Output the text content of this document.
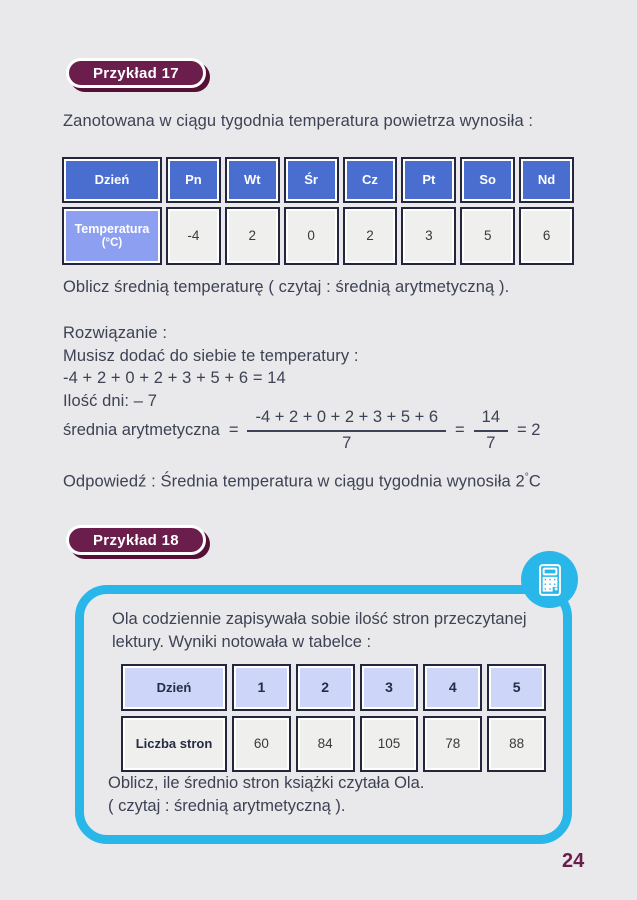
Przykład 17

Zanotowana w ciągu tygodnia temperatura powietrza wynosiła :

Dzień	Pn	Wt	Śr	Cz	Pt	So	Nd
Temperatura
(°C)	-4	2	0	2	3	5	6

Oblicz średnią temperaturę ( czytaj : średnią arytmetyczną ).

Rozwiązanie :
Musisz dodać do siebie te temperatury :
-4 + 2 + 0 + 2 + 3 + 5 + 6 = 14
Ilość dni: – 7
średnia arytmetyczna = $\frac{-4 + 2 + 0 + 2 + 3 + 5 + 6}{7} = \frac{14}{7} = 2$

Odpowiedź : Średnia temperatura w ciągu tygodnia wynosiła 2°C

Przykład 18
Ola codziennie zapisywała sobie ilość stron przeczytanej
lektury. Wyniki notowała w tabelce :
Dzień	1	2	3	4	5
Liczba stron	60	84	105	78	88
Oblicz, ile średnio stron książki czytała Ola.
( czytaj : średnią arytmetyczną ).
24
